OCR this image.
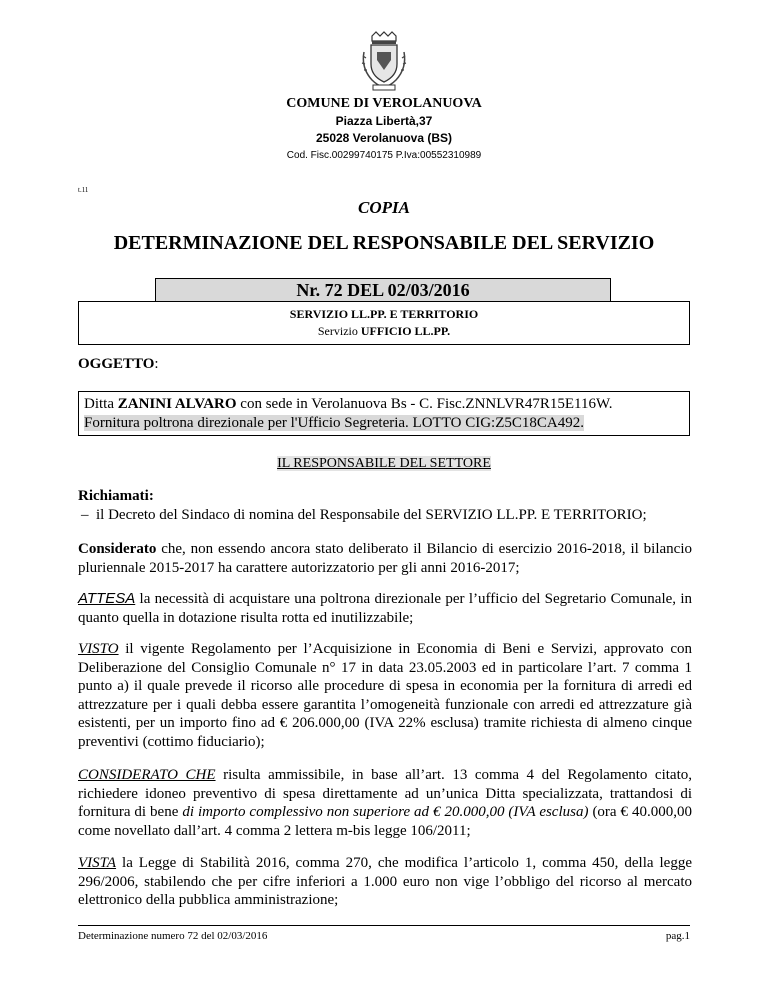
COMUNE DI VEROLANUOVA
Piazza Libertà,37
25028 Verolanuova (BS)
Cod. Fisc.00299740175 P.Iva:00552310989
t.11
COPIA
DETERMINAZIONE DEL RESPONSABILE DEL SERVIZIO
Nr. 72 DEL 02/03/2016
SERVIZIO LL.PP. E TERRITORIO
Servizio UFFICIO LL.PP.
OGGETTO:
Ditta ZANINI ALVARO con sede in Verolanuova Bs - C. Fisc.ZNNLVR47R15E116W.
Fornitura poltrona direzionale per l'Ufficio Segreteria. LOTTO CIG:Z5C18CA492.
IL RESPONSABILE DEL SETTORE

Richiamati:

– il Decreto del Sindaco di nomina del Responsabile del SERVIZIO LL.PP. E TERRITORIO;

Considerato che, non essendo ancora stato deliberato il Bilancio di esercizio 2016-2018, il bilancio pluriennale 2015-2017 ha carattere autorizzatorio per gli anni 2016-2017;

ATTESA la necessità di acquistare una poltrona direzionale per l’ufficio del Segretario Comunale, in quanto quella in dotazione risulta rotta ed inutilizzabile;

VISTO il vigente Regolamento per l’Acquisizione in Economia di Beni e Servizi, approvato con Deliberazione del Consiglio Comunale n° 17 in data 23.05.2003 ed in particolare l’art. 7 comma 1 punto a) il quale prevede il ricorso alle procedure di spesa in economia per la fornitura di arredi ed attrezzature per i quali debba essere garantita l’omogeneità funzionale con arredi ed attrezzature già esistenti, per un importo fino ad € 206.000,00 (IVA 22% esclusa) tramite richiesta di almeno cinque preventivi (cottimo fiduciario);

CONSIDERATO CHE risulta ammissibile, in base all’art. 13 comma 4 del Regolamento citato, richiedere idoneo preventivo di spesa direttamente ad un’unica Ditta specializzata, trattandosi di fornitura di bene di importo complessivo non superiore ad € 20.000,00 (IVA esclusa) (ora € 40.000,00 come novellato dall’art. 4 comma 2 lettera m-bis legge 106/2011;

VISTA la Legge di Stabilità 2016, comma 270, che modifica l’articolo 1, comma 450, della legge 296/2006, stabilendo che per cifre inferiori a 1.000 euro non vige l’obbligo del ricorso al mercato elettronico della pubblica amministrazione;

Determinazione numero 72 del 02/03/2016	pag.1
